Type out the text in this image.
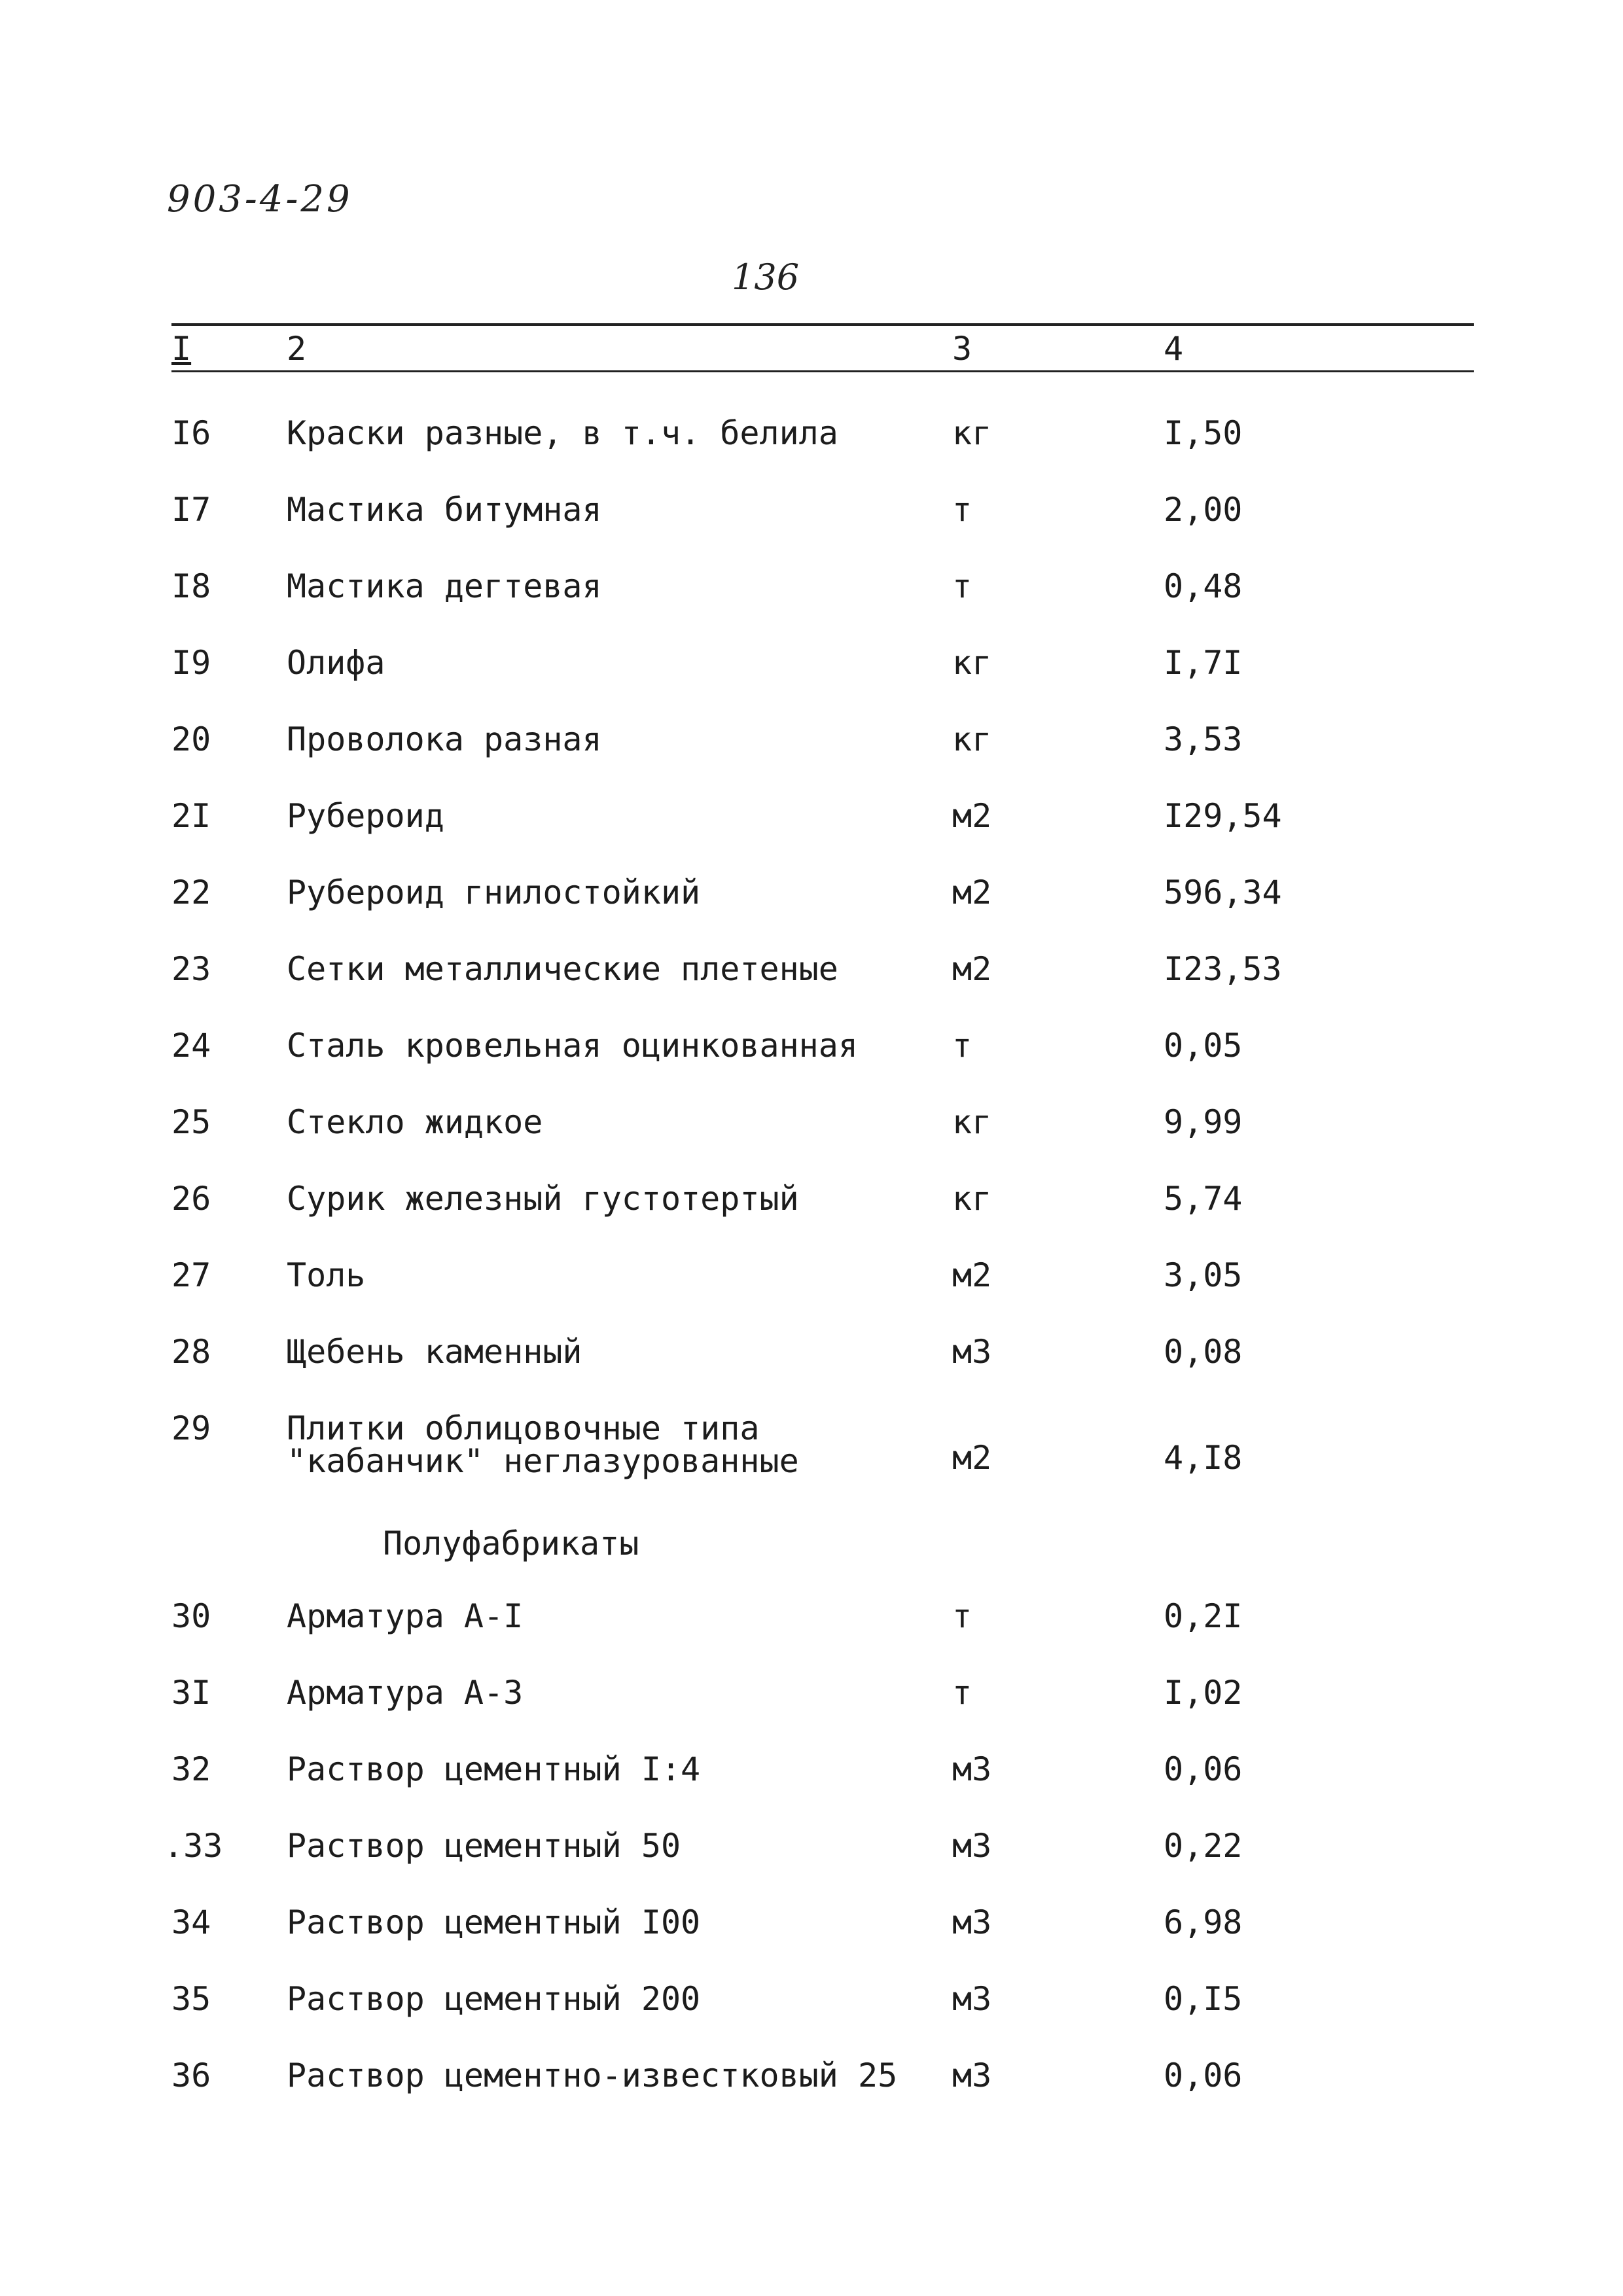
903-4-29
136
I	2	3	4
I6 Краски разные, в т.ч. белила	кг	I,50
I7 Мастика битумная	т	2,00
I8 Мастика дегтевая	т	0,48
I9 Олифа	кг	I,7I
20 Проволока разная	кг	3,53
2I Рубероид	м2	I29,54
22 Рубероид гнилостойкий	м2	596,34
23 Сетки металлические плетеные	м2	I23,53
24 Сталь кровельная оцинкованная	т	0,05
25 Стекло жидкое	кг	9,99
26 Сурик железный густотертый	кг	5,74
27 Толь	м2	3,05
28 Щебень каменный	м3	0,08
29 Плитки облицовочные типа
"кабанчик" неглазурованные	м2	4,I8
Полуфабрикаты
30 Арматура А-I	т	0,2I
3I Арматура А-3	т	I,02
32 Раствор цементный I:4	м3	0,06
.33 Раствор цементный 50	м3	0,22
34 Раствор цементный I00	м3	6,98
35 Раствор цементный 200	м3	0,I5
36 Раствор цементно-известковый 25 м3	0,06
